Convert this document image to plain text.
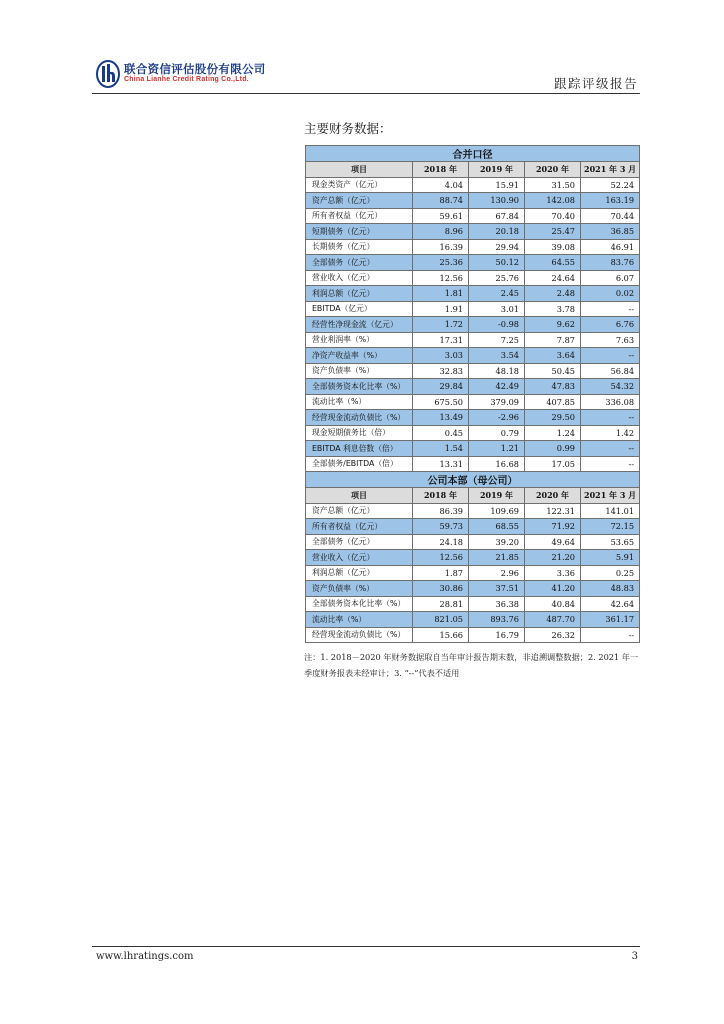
联合资信评估股份有限公司
China Lianhe Credit Rating Co.,Ltd.	跟踪评级报告
主要财务数据：
合并口径				
项目	2018 年	2019 年	2020 年	2021 年 3 月
现金类资产（亿元）	4.04	15.91	31.50	52.24
资产总额（亿元）	88.74	130.90	142.08	163.19
所有者权益（亿元）	59.61	67.84	70.40	70.44
短期债务（亿元）	8.96	20.18	25.47	36.85
长期债务（亿元）	16.39	29.94	39.08	46.91
全部债务（亿元）	25.36	50.12	64.55	83.76
营业收入（亿元）	12.56	25.76	24.64	6.07
利润总额（亿元）	1.81	2.45	2.48	0.02
EBITDA（亿元）	1.91	3.01	3.78	--
经营性净现金流（亿元）	1.72	-0.98	9.62	6.76
营业利润率（%）	17.31	7.25	7.87	7.63
净资产收益率（%）	3.03	3.54	3.64	--
资产负债率（%）	32.83	48.18	50.45	56.84
全部债务资本化比率（%）	29.84	42.49	47.83	54.32
流动比率（%）	675.50	379.09	407.85	336.08
经营现金流动负债比（%）	13.49	-2.96	29.50	--
现金短期债务比（倍）	0.45	0.79	1.24	1.42
EBITDA 利息倍数（倍）	1.54	1.21	0.99	--
全部债务/EBITDA（倍）	13.31	16.68	17.05	--
公司本部（母公司）				
项目	2018 年	2019 年	2020 年	2021 年 3 月
资产总额（亿元）	86.39	109.69	122.31	141.01
所有者权益（亿元）	59.73	68.55	71.92	72.15
全部债务（亿元）	24.18	39.20	49.64	53.65
营业收入（亿元）	12.56	21.85	21.20	5.91
利润总额（亿元）	1.87	2.96	3.36	0.25
资产负债率（%）	30.86	37.51	41.20	48.83
全部债务资本化比率（%）	28.81	36.38	40.84	42.64
流动比率（%）	821.05	893.76	487.70	361.17
经营现金流动负债比（%）	15.66	16.79	26.32	--
注：1. 2018－2020 年财务数据取自当年审计报告期末数，非追溯调整数据；2. 2021 年一季度财务报表未经审计；3. “--”代表不适用
www.lhratings.com	3
